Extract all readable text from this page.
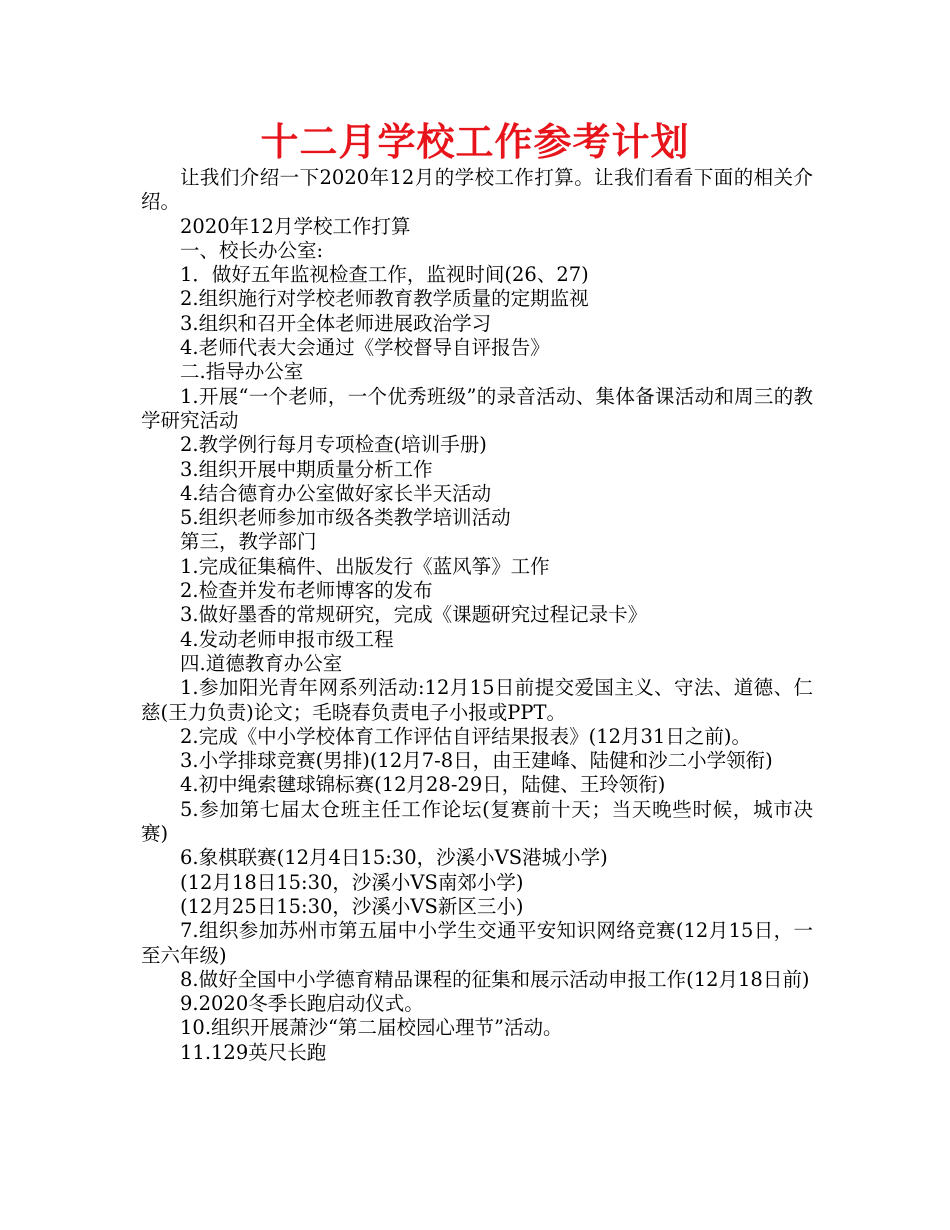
十二月学校工作参考计划

让我们介绍一下2020年12月的学校工作打算。让我们看看下面的相关介绍。

2020年12月学校工作打算

一、校长办公室:

1．做好五年监视检查工作，监视时间(26、27)

2.组织施行对学校老师教育教学质量的定期监视

3.组织和召开全体老师进展政治学习

4.老师代表大会通过《学校督导自评报告》

二.指导办公室

1.开展“一个老师，一个优秀班级”的录音活动、集体备课活动和周三的教学研究活动

2.教学例行每月专项检查(培训手册)

3.组织开展中期质量分析工作

4.结合德育办公室做好家长半天活动

5.组织老师参加市级各类教学培训活动

第三，教学部门

1.完成征集稿件、出版发行《蓝风筝》工作

2.检查并发布老师博客的发布

3.做好墨香的常规研究，完成《课题研究过程记录卡》

4.发动老师申报市级工程

四.道德教育办公室

1.参加阳光青年网系列活动:12月15日前提交爱国主义、守法、道德、仁慈(王力负责)论文；毛晓春负责电子小报或PPT。

2.完成《中小学校体育工作评估自评结果报表》(12月31日之前)。

3.小学排球竞赛(男排)(12月7-8日，由王建峰、陆健和沙二小学领衔)

4.初中绳索毽球锦标赛(12月28-29日，陆健、王玲领衔)

5.参加第七届太仓班主任工作论坛(复赛前十天；当天晚些时候，城市决赛)

6.象棋联赛(12月4日15:30，沙溪小VS港城小学)

(12月18日15:30，沙溪小VS南郊小学)

(12月25日15:30，沙溪小VS新区三小)

7.组织参加苏州市第五届中小学生交通平安知识网络竞赛(12月15日，一至六年级)

8.做好全国中小学德育精品课程的征集和展示活动申报工作(12月18日前)

9.2020冬季长跑启动仪式。

10.组织开展萧沙“第二届校园心理节”活动。

11.129英尺长跑
